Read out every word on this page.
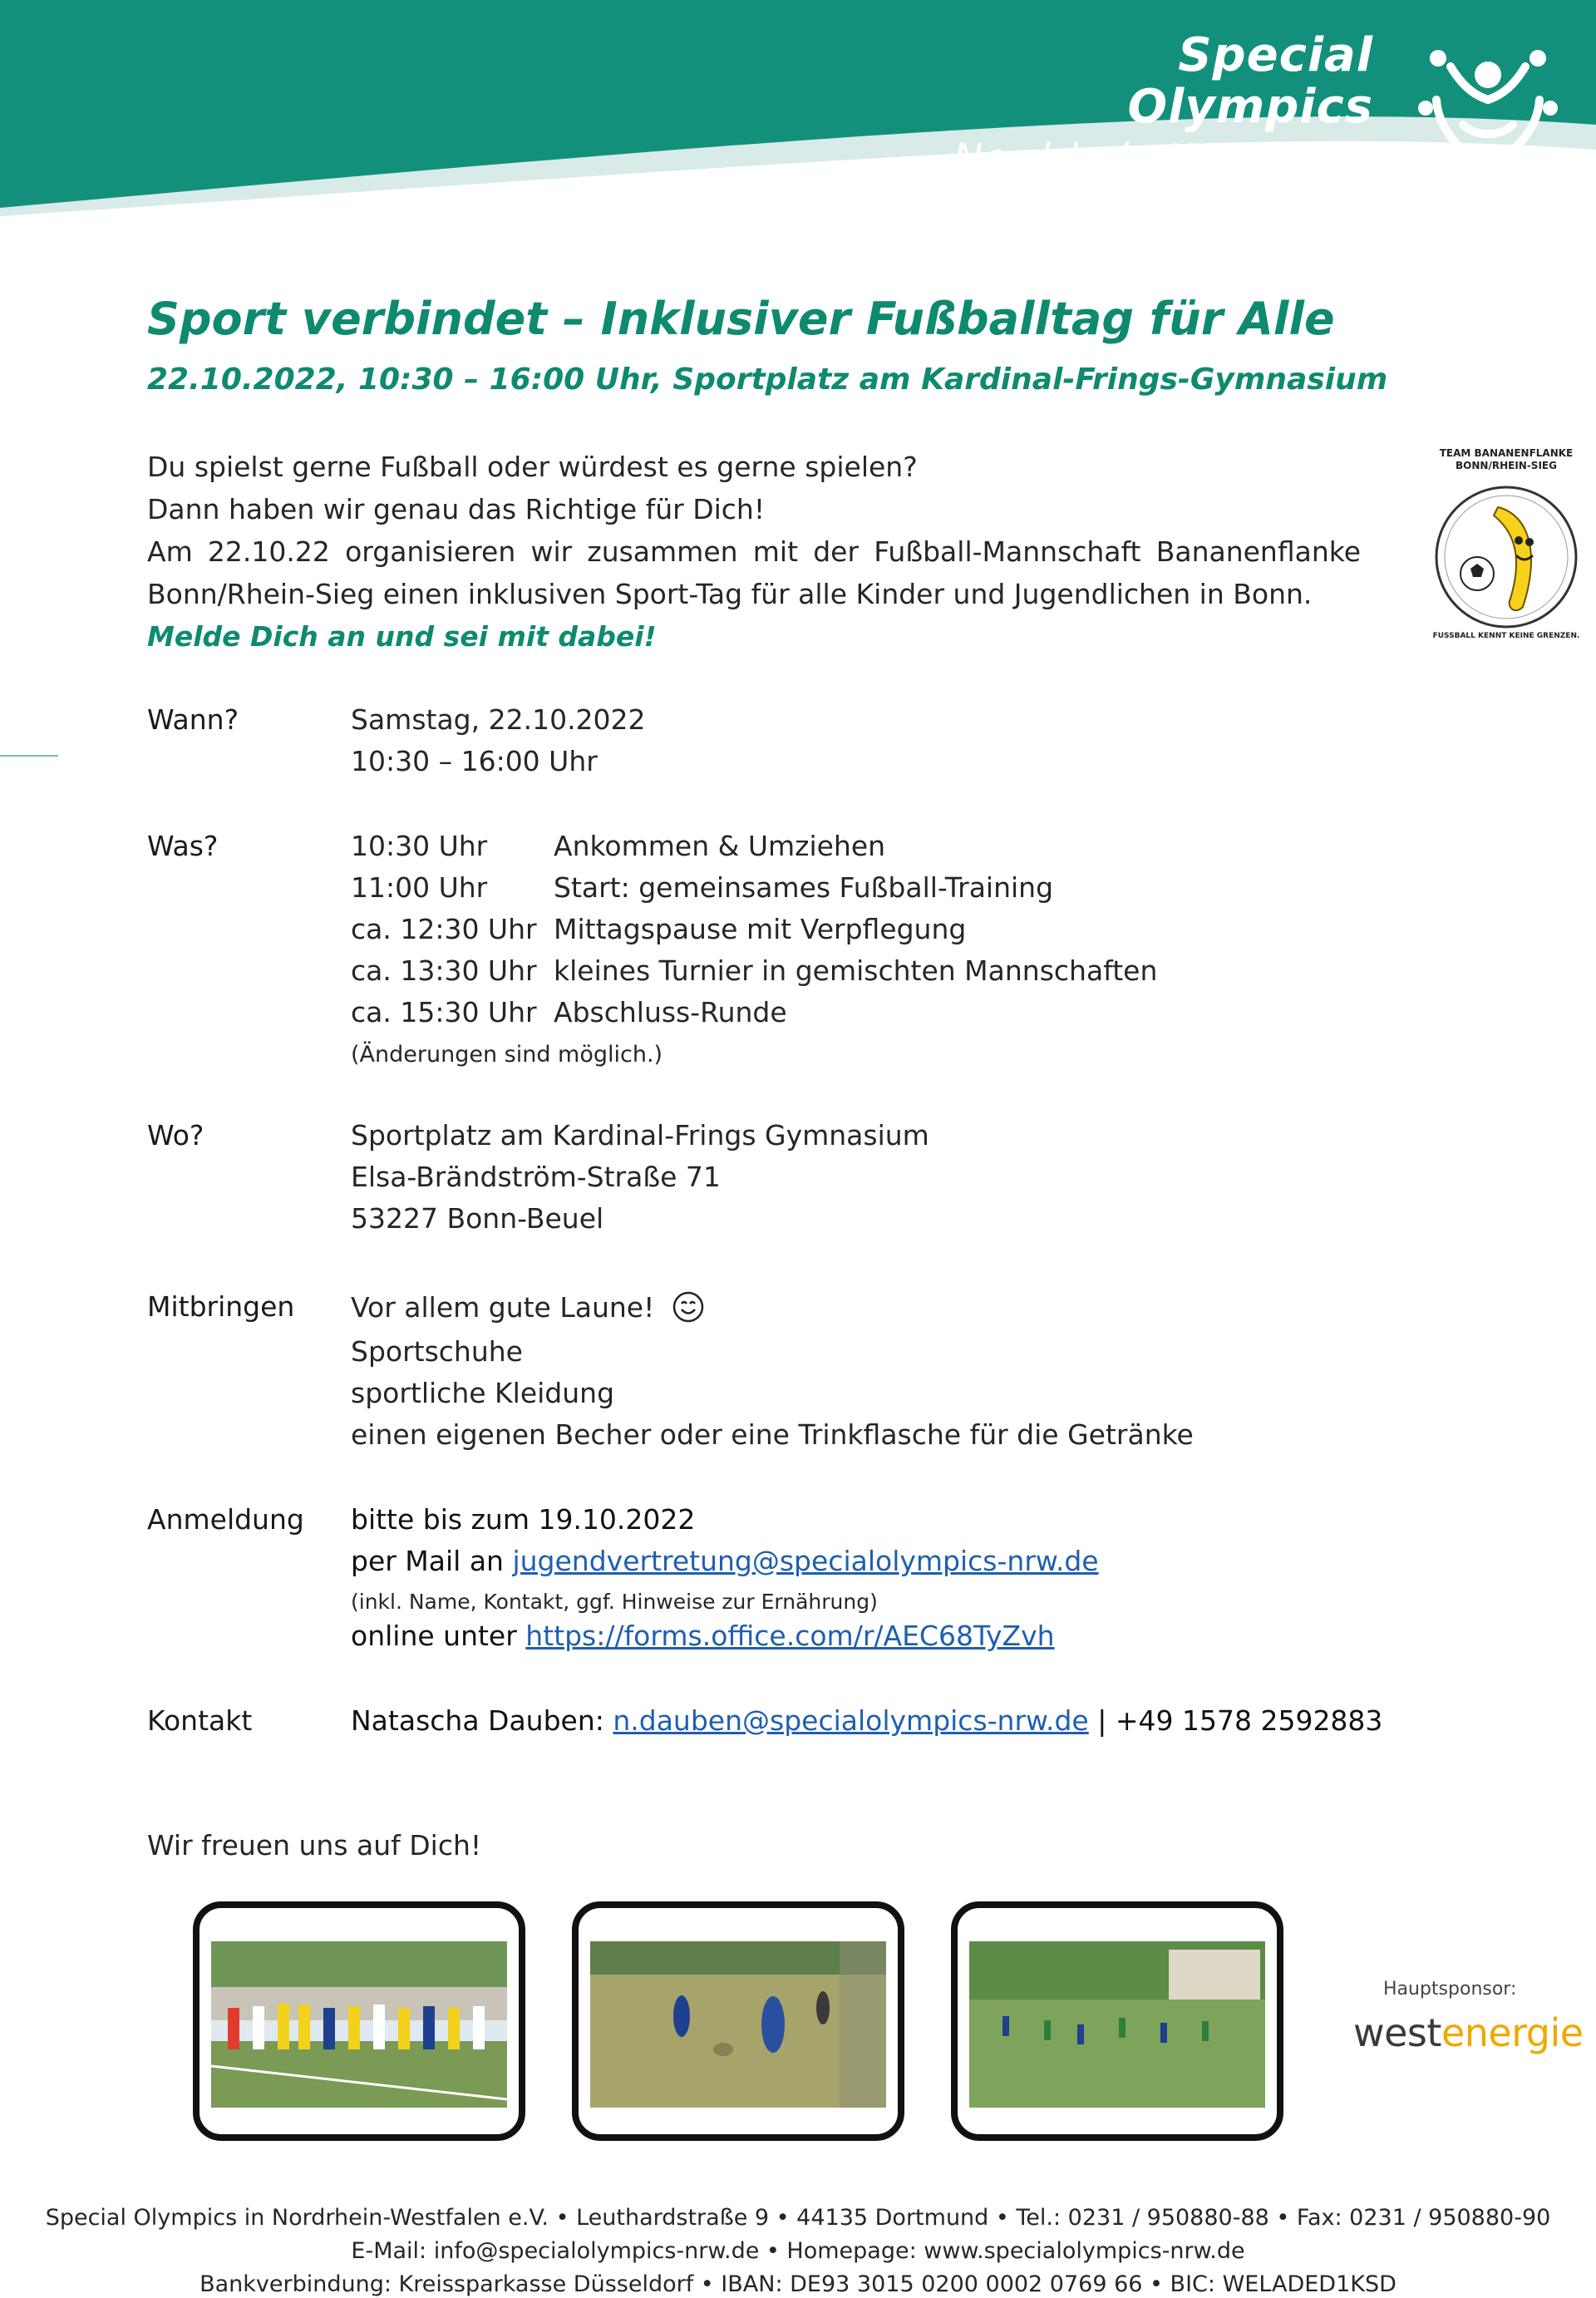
Special
Olympics
Nordrhein-Westfalen
Sport verbindet – Inklusiver Fußballtag für Alle
22.10.2022, 10:30 – 16:00 Uhr, Sportplatz am Kardinal-Frings-Gymnasium
Du spielst gerne Fußball oder würdest es gerne spielen?
Dann haben wir genau das Richtige für Dich!
Am 22.10.22 organisieren wir zusammen mit der Fußball-Mannschaft Bananenflanke
Bonn/Rhein-Sieg einen inklusiven Sport-Tag für alle Kinder und Jugendlichen in Bonn.
Melde Dich an und sei mit dabei!
TEAM BANANENFLANKE
BONN/RHEIN-SIEG
FUSSBALL KENNT KEINE GRENZEN.
Wann?	Samstag, 22.10.2022
10:30 – 16:00 Uhr
Was?	10:30 Uhr Ankommen & Umziehen
11:00 Uhr Start: gemeinsames Fußball-Training
ca. 12:30 Uhr Mittagspause mit Verpflegung
ca. 13:30 Uhr kleines Turnier in gemischten Mannschaften
ca. 15:30 Uhr Abschluss-Runde
(Änderungen sind möglich.)
Wo?	Sportplatz am Kardinal-Frings Gymnasium
Elsa-Brändström-Straße 71
53227 Bonn-Beuel
Mitbringen Vor allem gute Laune!
Sportschuhe
sportliche Kleidung
einen eigenen Becher oder eine Trinkflasche für die Getränke
Anmeldung bitte bis zum 19.10.2022
per Mail an jugendvertretung@specialolympics-nrw.de
(inkl. Name, Kontakt, ggf. Hinweise zur Ernährung)
online unter https://forms.office.com/r/AEC68TyZvh
Kontakt	Natascha Dauben: n.dauben@specialolympics-nrw.de | +49 1578 2592883
Wir freuen uns auf Dich!
Hauptsponsor:
westenergie
Special Olympics in Nordrhein-Westfalen e.V. • Leuthardstraße 9 • 44135 Dortmund • Tel.: 0231 / 950880-88 • Fax: 0231 / 950880-90
E-Mail: info@specialolympics-nrw.de • Homepage: www.specialolympics-nrw.de
Bankverbindung: Kreissparkasse Düsseldorf • IBAN: DE93 3015 0200 0002 0769 66 • BIC: WELADED1KSD
